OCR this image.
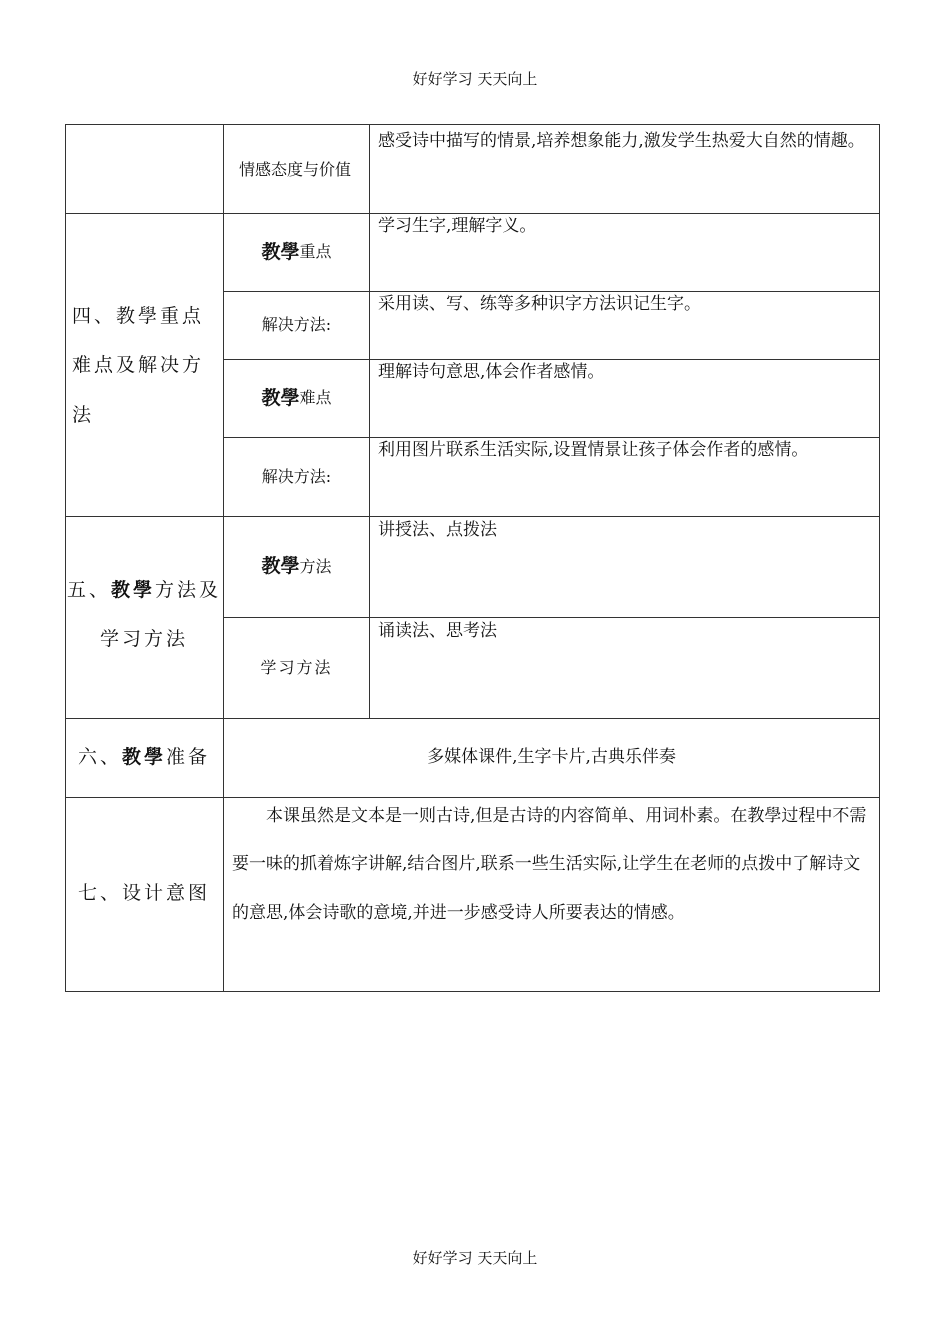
好好学习 天天向上
情感态度与价值
感受诗中描写的情景,培养想象能力,激发学生热爱大自然的情趣。
四、教學重点难点及解决方法
教學 重点
学习生字,理解字义。
解决方法:
采用读、写、练等多种识字方法识记生字。
教學 难点
理解诗句意思,体会作者感情。
解决方法:
利用图片联系生活实际,设置情景让孩子体会作者的感情。
五、教學方法及学习方法
教學 方法
讲授法、点拨法
学习方法
诵读法、思考法
六、 教學 准备	多媒体课件,生字卡片,古典乐伴奏
七、设计意图
本课虽然是文本是一则古诗,但是古诗的内容简单、用词朴素。在教學过程中不需要一味的抓着炼字讲解,结合图片,联系一些生活实际,让学生在老师的点拨中了解诗文的意思,体会诗歌的意境,并进一步感受诗人所要表达的情感。
好好学习 天天向上
